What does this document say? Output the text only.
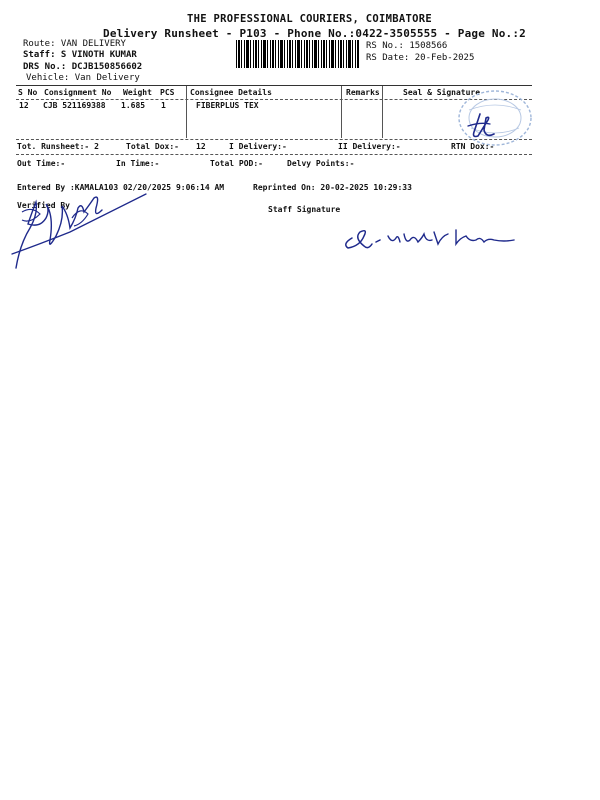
THE PROFESSIONAL COURIERS, COIMBATORE
Delivery Runsheet - P103 - Phone No.:0422-3505555 - Page No.:2
Route: VAN DELIVERY
Staff: S VINOTH KUMAR
DRS No.: DCJB150856602
Vehicle: Van Delivery
RS No.: 1508566
RS Date: 20-Feb-2025
S No Consignment No Weight PCS Consignee Details	Remarks	Seal & Signature
12 CJB 521169388 1.685 1	FIBERPLUS TEX
Tot. Runsheet:- 2	Total Dox:- 12	I Delivery:-	II Delivery:-	RTN Dox:-
Out Time:-	In Time:-	Total POD:-	Delvy Points:-
Entered By :KAMALA103 02/20/2025 9:06:14 AM	Reprinted On: 20-02-2025 10:29:33
Verified By	Staff Signature
